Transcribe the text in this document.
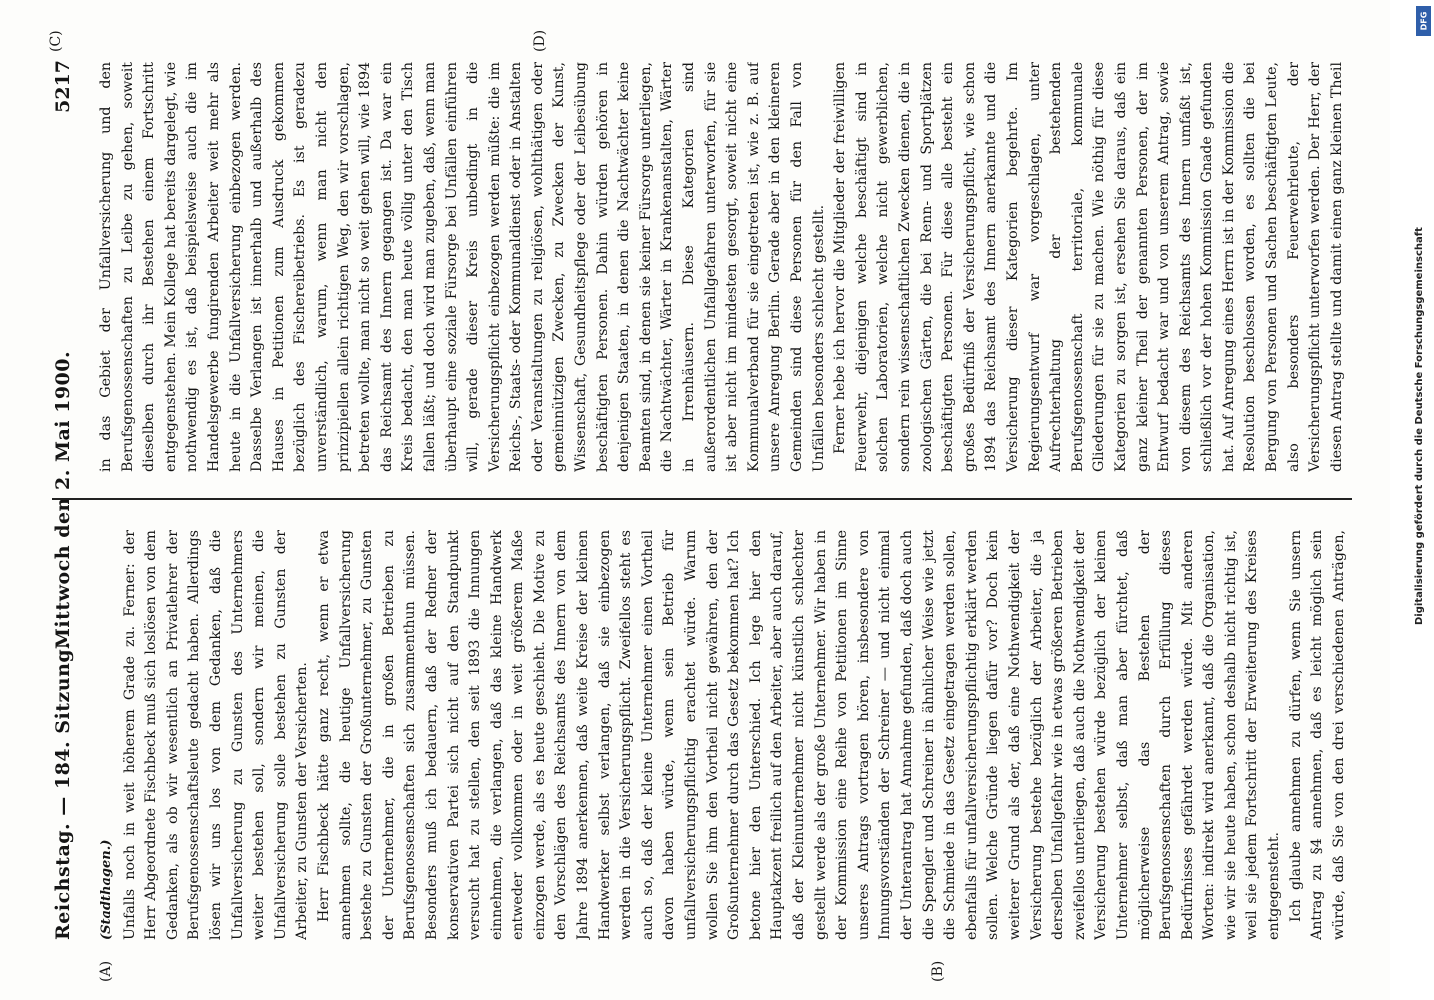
Reichstag. — 184. Sitzung.
Mittwoch den 2. Mai 1900.
5217
(A)	(B)
(C)	(D)
(Stadthagen.) Unfalls noch in weit höherem Grade zu. Ferner: der Herr Abgeordnete Fischbeck muß sich loslösen von dem Gedanken, als ob wir wesentlich an Privatlehrer der Berufsgenossenschaftsleute gedacht haben. Allerdings lösen wir uns los von dem Gedanken, daß die Unfallversicherung zu Gunsten des Unternehmers weiter bestehen soll, sondern wir meinen, die Unfallversicherung solle bestehen zu Gunsten der Arbeiter, zu Gunsten der Versicherten. Herr Fischbeck hätte ganz recht, wenn er etwa annehmen sollte, die heutige Unfallversicherung bestehe zu Gunsten der Großunternehmer, zu Gunsten der Unternehmer, die in großen Betrieben zu Berufsgenossenschaften sich zusammenthun müssen. Besonders muß ich bedauern, daß der Redner der konservativen Partei sich nicht auf den Standpunkt versucht hat zu stellen, den seit 1893 die Innungen einnehmen, die verlangen, daß das kleine Handwerk entweder vollkommen oder in weit größerem Maße einzogen werde, als es heute geschieht. Die Motive zu den Vorschlägen des Reichsamts des Innern von dem Jahre 1894 anerkennen, daß weite Kreise der kleinen Handwerker selbst verlangen, daß sie einbezogen werden in die Versicherungspflicht. Zweifellos steht es auch so, daß der kleine Unternehmer einen Vortheil davon haben würde, wenn sein Betrieb für unfallversicherungspflichtig erachtet würde. Warum wollen Sie ihm den Vortheil nicht gewähren, den der Großunternehmer durch das Gesetz bekommen hat? Ich betone hier den Unterschied. Ich lege hier den Hauptakzent freilich auf den Arbeiter, aber auch darauf, daß der Kleinunternehmer nicht künstlich schlechter gestellt werde als der große Unternehmer. Wir haben in der Kommission eine Reihe von Petitionen im Sinne unseres Antrags vortragen hören, insbesondere von Innungsvorständen der Schreiner — und nicht einmal der Unterantrag hat Annahme gefunden, daß doch auch die Spengler und Schreiner in ähnlicher Weise wie jetzt die Schmiede in das Gesetz eingetragen werden sollen, ebenfalls für unfallversicherungspflichtig erklärt werden sollen. Welche Gründe liegen dafür vor? Doch kein weiterer Grund als der, daß eine Nothwendigkeit der Versicherung bestehe bezüglich der Arbeiter, die ja derselben Unfallgefahr wie in etwas größeren Betrieben zweifellos unterliegen, daß auch die Nothwendigkeit der Versicherung bestehen würde bezüglich der kleinen Unternehmer selbst, daß man aber fürchtet, daß möglicherweise das Bestehen der Berufsgenossenschaften durch Erfüllung dieses Bedürfnisses gefährdet werden würde. Mit anderen Worten: indirekt wird anerkannt, daß die Organisation, wie wir sie heute haben, schon deshalb nicht richtig ist, weil sie jedem Fortschritt der Erweiterung des Kreises entgegensteht. Ich glaube annehmen zu dürfen, wenn Sie unsern Antrag zu §4 annehmen, daß es leicht möglich sein würde, daß Sie von den drei verschiedenen Anträgen,

in das Gebiet der Unfallversicherung und den Berufsgenossenschaften zu Leibe zu gehen, soweit dieselben durch ihr Bestehen einem Fortschritt entgegenstehen. Mein Kollege hat bereits dargelegt, wie nothwendig es ist, daß beispielsweise auch die im Handelsgewerbe fungirenden Arbeiter weit mehr als heute in die Unfallversicherung einbezogen werden. Dasselbe Verlangen ist innerhalb und außerhalb des Hauses in Petitionen zum Ausdruck gekommen bezüglich des Fischereibetriebs. Es ist geradezu unverständlich, warum, wenn man nicht den prinzipiellen allein richtigen Weg, den wir vorschlagen, betreten wollte, man nicht so weit gehen will, wie 1894 das Reichsamt des Innern gegangen ist. Da war ein Kreis bedacht, den man heute völlig unter den Tisch fallen läßt; und doch wird man zugeben, daß, wenn man überhaupt eine soziale Fürsorge bei Unfällen einführen will, gerade dieser Kreis unbedingt in die Versicherungspflicht einbezogen werden müßte: die im Reichs-, Staats- oder Kommunaldienst oder in Anstalten oder Veranstaltungen zu religiösen, wohlthätigen oder gemeinnützigen Zwecken, zu Zwecken der Kunst, Wissenschaft, Gesundheitspflege oder der Leibesübung beschäftigten Personen. Dahin würden gehören in denjenigen Staaten, in denen die Nachtwächter keine Beamten sind, in denen sie keiner Fürsorge unterliegen, die Nachtwächter, Wärter in Krankenanstalten, Wärter in Irrenhäusern. Diese Kategorien sind außerordentlichen Unfallgefahren unterworfen, für sie ist aber nicht im mindesten gesorgt, soweit nicht eine Kommunalverband für sie eingetreten ist, wie z. B. auf unsere Anregung Berlin. Gerade aber in den kleineren Gemeinden sind diese Personen für den Fall von Unfällen besonders schlecht gestellt. Ferner hebe ich hervor die Mitglieder der freiwilligen Feuerwehr, diejenigen welche beschäftigt sind in solchen Laboratorien, welche nicht gewerblichen, sondern rein wissenschaftlichen Zwecken dienen, die in zoologischen Gärten, die bei Renn- und Sportplätzen beschäftigten Personen. Für diese alle besteht ein großes Bedürfniß der Versicherungspflicht, wie schon 1894 das Reichsamt des Innern anerkannte und die Versicherung dieser Kategorien begehrte. Im Regierungsentwurf war vorgeschlagen, unter Aufrechterhaltung der bestehenden Berufsgenossenschaft territoriale, kommunale Gliederungen für sie zu machen. Wie nöthig für diese Kategorien zu sorgen ist, ersehen Sie daraus, daß ein ganz kleiner Theil der genannten Personen, der im Entwurf bedacht war und von unserem Antrag, sowie von diesem des Reichsamts des Innern umfaßt ist, schließlich vor der hohen Kommission Gnade gefunden hat. Auf Anregung eines Herrn ist in der Kommission die Resolution beschlossen worden, es sollten die bei Bergung von Personen und Sachen beschäftigten Leute, also besonders Feuerwehrleute, der Versicherungspflicht unterworfen werden. Der Herr, der diesen Antrag stellte und damit einen ganz kleinen Theil

DFG
Digitalisierung gefördert durch die Deutsche Forschungsgemeinschaft
